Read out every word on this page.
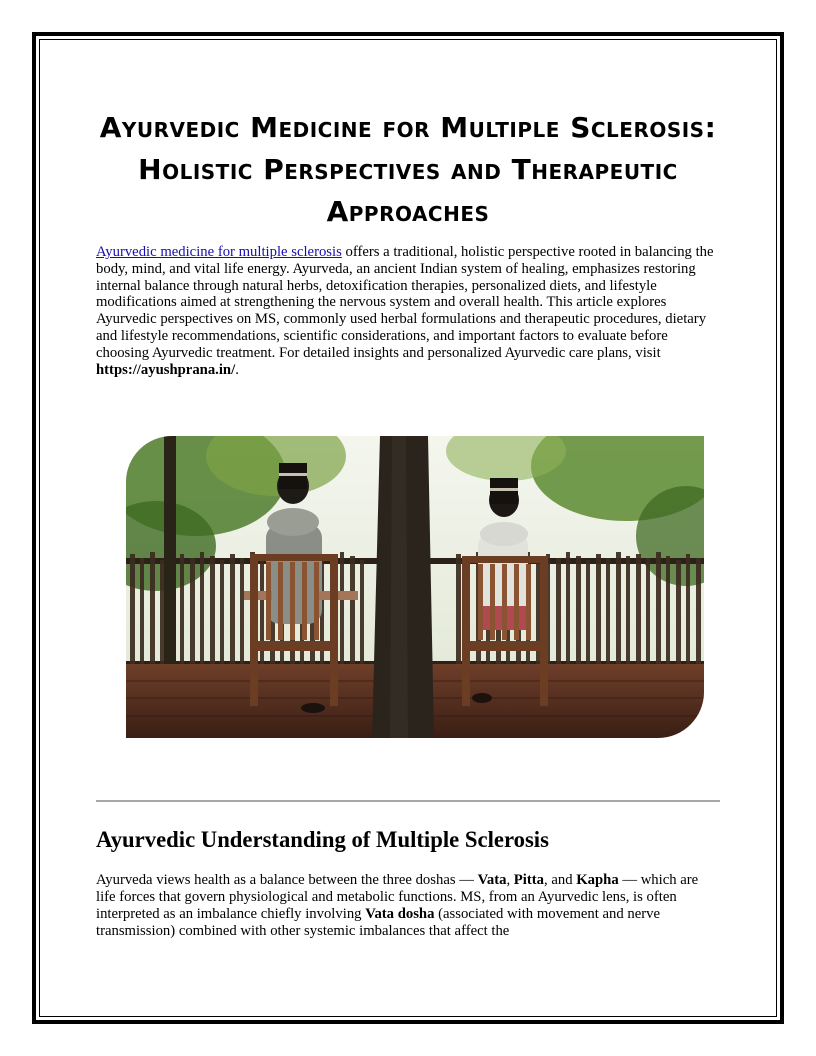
Ayurvedic Medicine for Multiple Sclerosis: Holistic Perspectives and Therapeutic Approaches

Ayurvedic medicine for multiple sclerosis offers a traditional, holistic perspective rooted in balancing the body, mind, and vital life energy. Ayurveda, an ancient Indian system of healing, emphasizes restoring internal balance through natural herbs, detoxification therapies, personalized diets, and lifestyle modifications aimed at strengthening the nervous system and overall health. This article explores Ayurvedic perspectives on MS, commonly used herbal formulations and therapeutic procedures, dietary and lifestyle recommendations, scientific considerations, and important factors to evaluate before choosing Ayurvedic treatment. For detailed insights and personalized Ayurvedic care plans, visit https://ayushprana.in/.

Ayurvedic Understanding of Multiple Sclerosis

Ayurveda views health as a balance between the three doshas — Vata, Pitta, and Kapha — which are life forces that govern physiological and metabolic functions. MS, from an Ayurvedic lens, is often interpreted as an imbalance chiefly involving Vata dosha (associated with movement and nerve transmission) combined with other systemic imbalances that affect the
